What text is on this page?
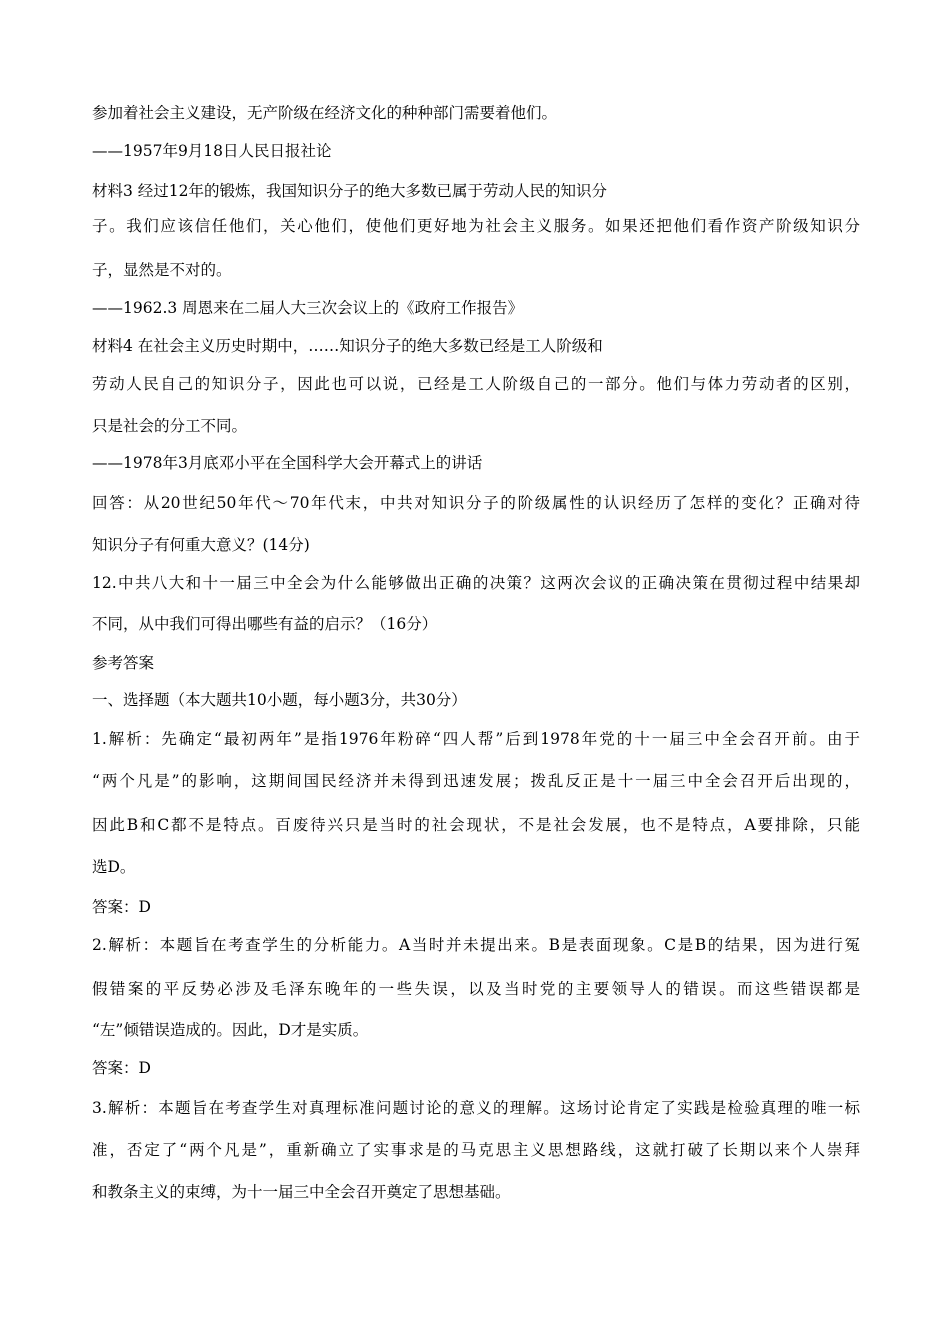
参加着社会主义建设，无产阶级在经济文化的种种部门需要着他们。
——1957年9月18日人民日报社论
材料3 经过12年的锻炼，我国知识分子的绝大多数已属于劳动人民的知识分
子。我们应该信任他们，关心他们，使他们更好地为社会主义服务。如果还把他们看作资产阶级知识分
子，显然是不对的。
——1962.3 周恩来在二届人大三次会议上的《政府工作报告》
材料4 在社会主义历史时期中，……知识分子的绝大多数已经是工人阶级和
劳动人民自己的知识分子，因此也可以说，已经是工人阶级自己的一部分。他们与体力劳动者的区别，
只是社会的分工不同。
——1978年3月底邓小平在全国科学大会开幕式上的讲话
回答：从20世纪50年代～70年代末，中共对知识分子的阶级属性的认识经历了怎样的变化？正确对待
知识分子有何重大意义？(14分)
12.中共八大和十一届三中全会为什么能够做出正确的决策？这两次会议的正确决策在贯彻过程中结果却
不同，从中我们可得出哪些有益的启示？（16分）
参考答案
一、选择题（本大题共10小题，每小题3分，共30分）
1.解析：先确定“最初两年”是指1976年粉碎“四人帮”后到1978年党的十一届三中全会召开前。由于
“两个凡是”的影响，这期间国民经济并未得到迅速发展；拨乱反正是十一届三中全会召开后出现的，
因此B和C都不是特点。百废待兴只是当时的社会现状，不是社会发展，也不是特点，A要排除，只能
选D。
答案：D
2.解析：本题旨在考查学生的分析能力。A当时并未提出来。B是表面现象。C是B的结果，因为进行冤
假错案的平反势必涉及毛泽东晚年的一些失误，以及当时党的主要领导人的错误。而这些错误都是
“左”倾错误造成的。因此，D才是实质。
答案：D
3.解析：本题旨在考查学生对真理标准问题讨论的意义的理解。这场讨论肯定了实践是检验真理的唯一标
准，否定了“两个凡是”，重新确立了实事求是的马克思主义思想路线，这就打破了长期以来个人崇拜
和教条主义的束缚，为十一届三中全会召开奠定了思想基础。
